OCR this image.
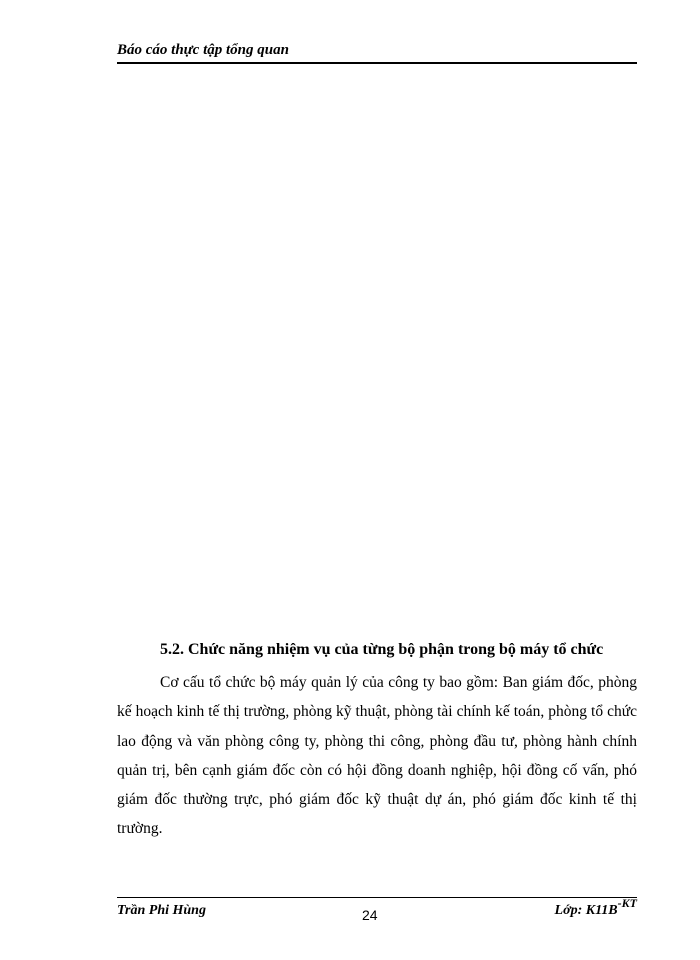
Báo cáo thực tập tổng quan
5.2. Chức năng nhiệm vụ của từng bộ phận trong bộ máy tổ chức

Cơ cấu tổ chức bộ máy quản lý của công ty bao gồm: Ban giám đốc, phòng kế hoạch kinh tế thị trường, phòng kỹ thuật, phòng tài chính kế toán, phòng tổ chức lao động và văn phòng công ty, phòng thi công, phòng đầu tư, phòng hành chính quản trị, bên cạnh giám đốc còn có hội đồng doanh nghiệp, hội đồng cố vấn, phó giám đốc thường trực, phó giám đốc kỹ thuật dự án, phó giám đốc kinh tế thị trường.

Trần Phi Hùng	24	Lớp: $K11B^{-KT}$
